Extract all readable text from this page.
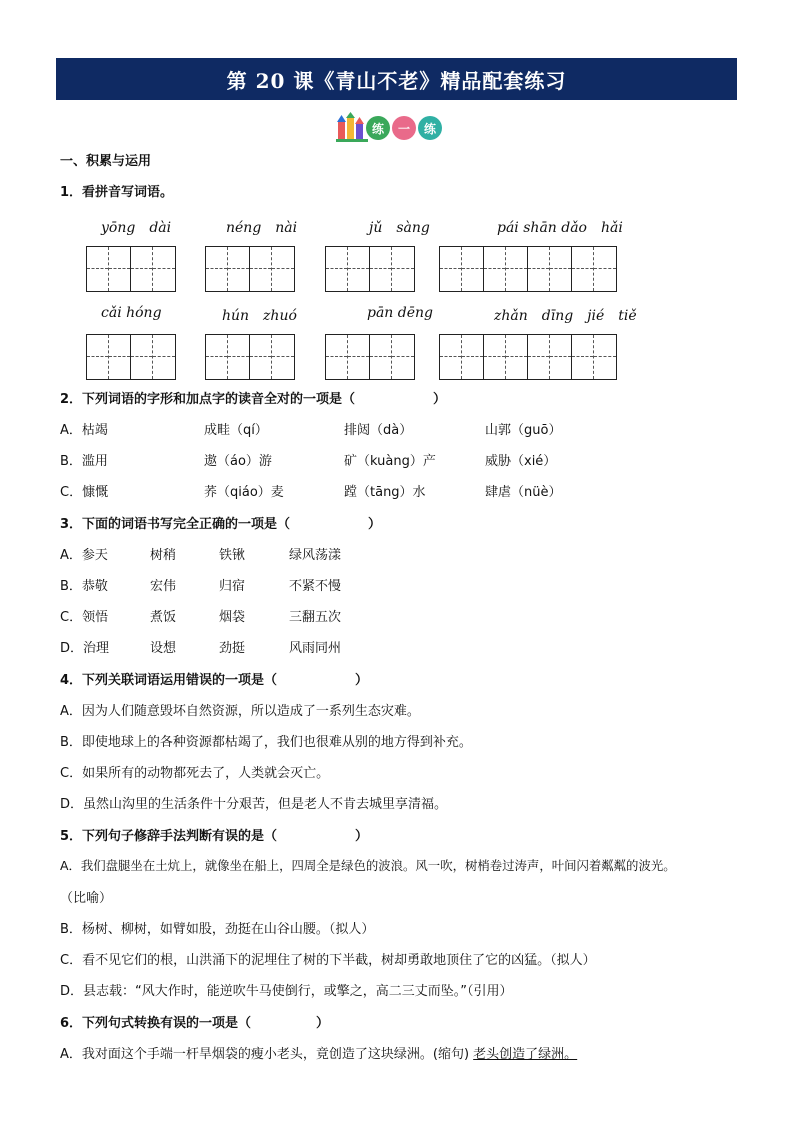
第 20 课《青山不老》精品配套练习
练	一	练
一、积累与运用
1．看拼音写词语。
yōng　dài	néng　nài	jǔ　sàng	pái shān dǎo　hǎi
cǎi hóng	hún　zhuó	pān dēng	zhǎn　dīng　jié　tiě
2．下列词语的字形和加点字的读音全对的一项是（　　　　　　）
A．枯竭	成畦（qí）	排闼（dà）	山郭（guō）
B．滥用	遨（áo）游	矿（kuàng）产	威胁（xié）
C．慷慨	荞（qiáo）麦	蹚（tāng）水	肆虐（nüè）
3．下面的词语书写完全正确的一项是（　　　　　　）
A．参天	树稍	铁锹	绿风荡漾
B．恭敬	宏伟	归宿	不紧不慢
C．领悟	煮饭	烟袋	三翻五次
D．治理	设想	劲挺	风雨同州
4．下列关联词语运用错误的一项是（　　　　　　）
A．因为人们随意毁坏自然资源，所以造成了一系列生态灾难。
B．即使地球上的各种资源都枯竭了，我们也很难从别的地方得到补充。
C．如果所有的动物都死去了，人类就会灭亡。
D．虽然山沟里的生活条件十分艰苦，但是老人不肯去城里享清福。
5．下列句子修辞手法判断有误的是（　　　　　　）
A．我们盘腿坐在土炕上，就像坐在船上，四周全是绿色的波浪。风一吹，树梢卷过涛声，叶间闪着粼粼的波光。
（比喻）
B．杨树、柳树，如臂如股，劲挺在山谷山腰。（拟人）
C．看不见它们的根，山洪涌下的泥埋住了树的下半截，树却勇敢地顶住了它的凶猛。（拟人）
D．县志载：“风大作时，能逆吹牛马使倒行，或擎之，高二三丈而坠。”（引用）
6．下列句式转换有误的一项是（　　　　　）
A．我对面这个手端一杆旱烟袋的瘦小老头，竟创造了这块绿洲。(缩句) 老头创造了绿洲。
